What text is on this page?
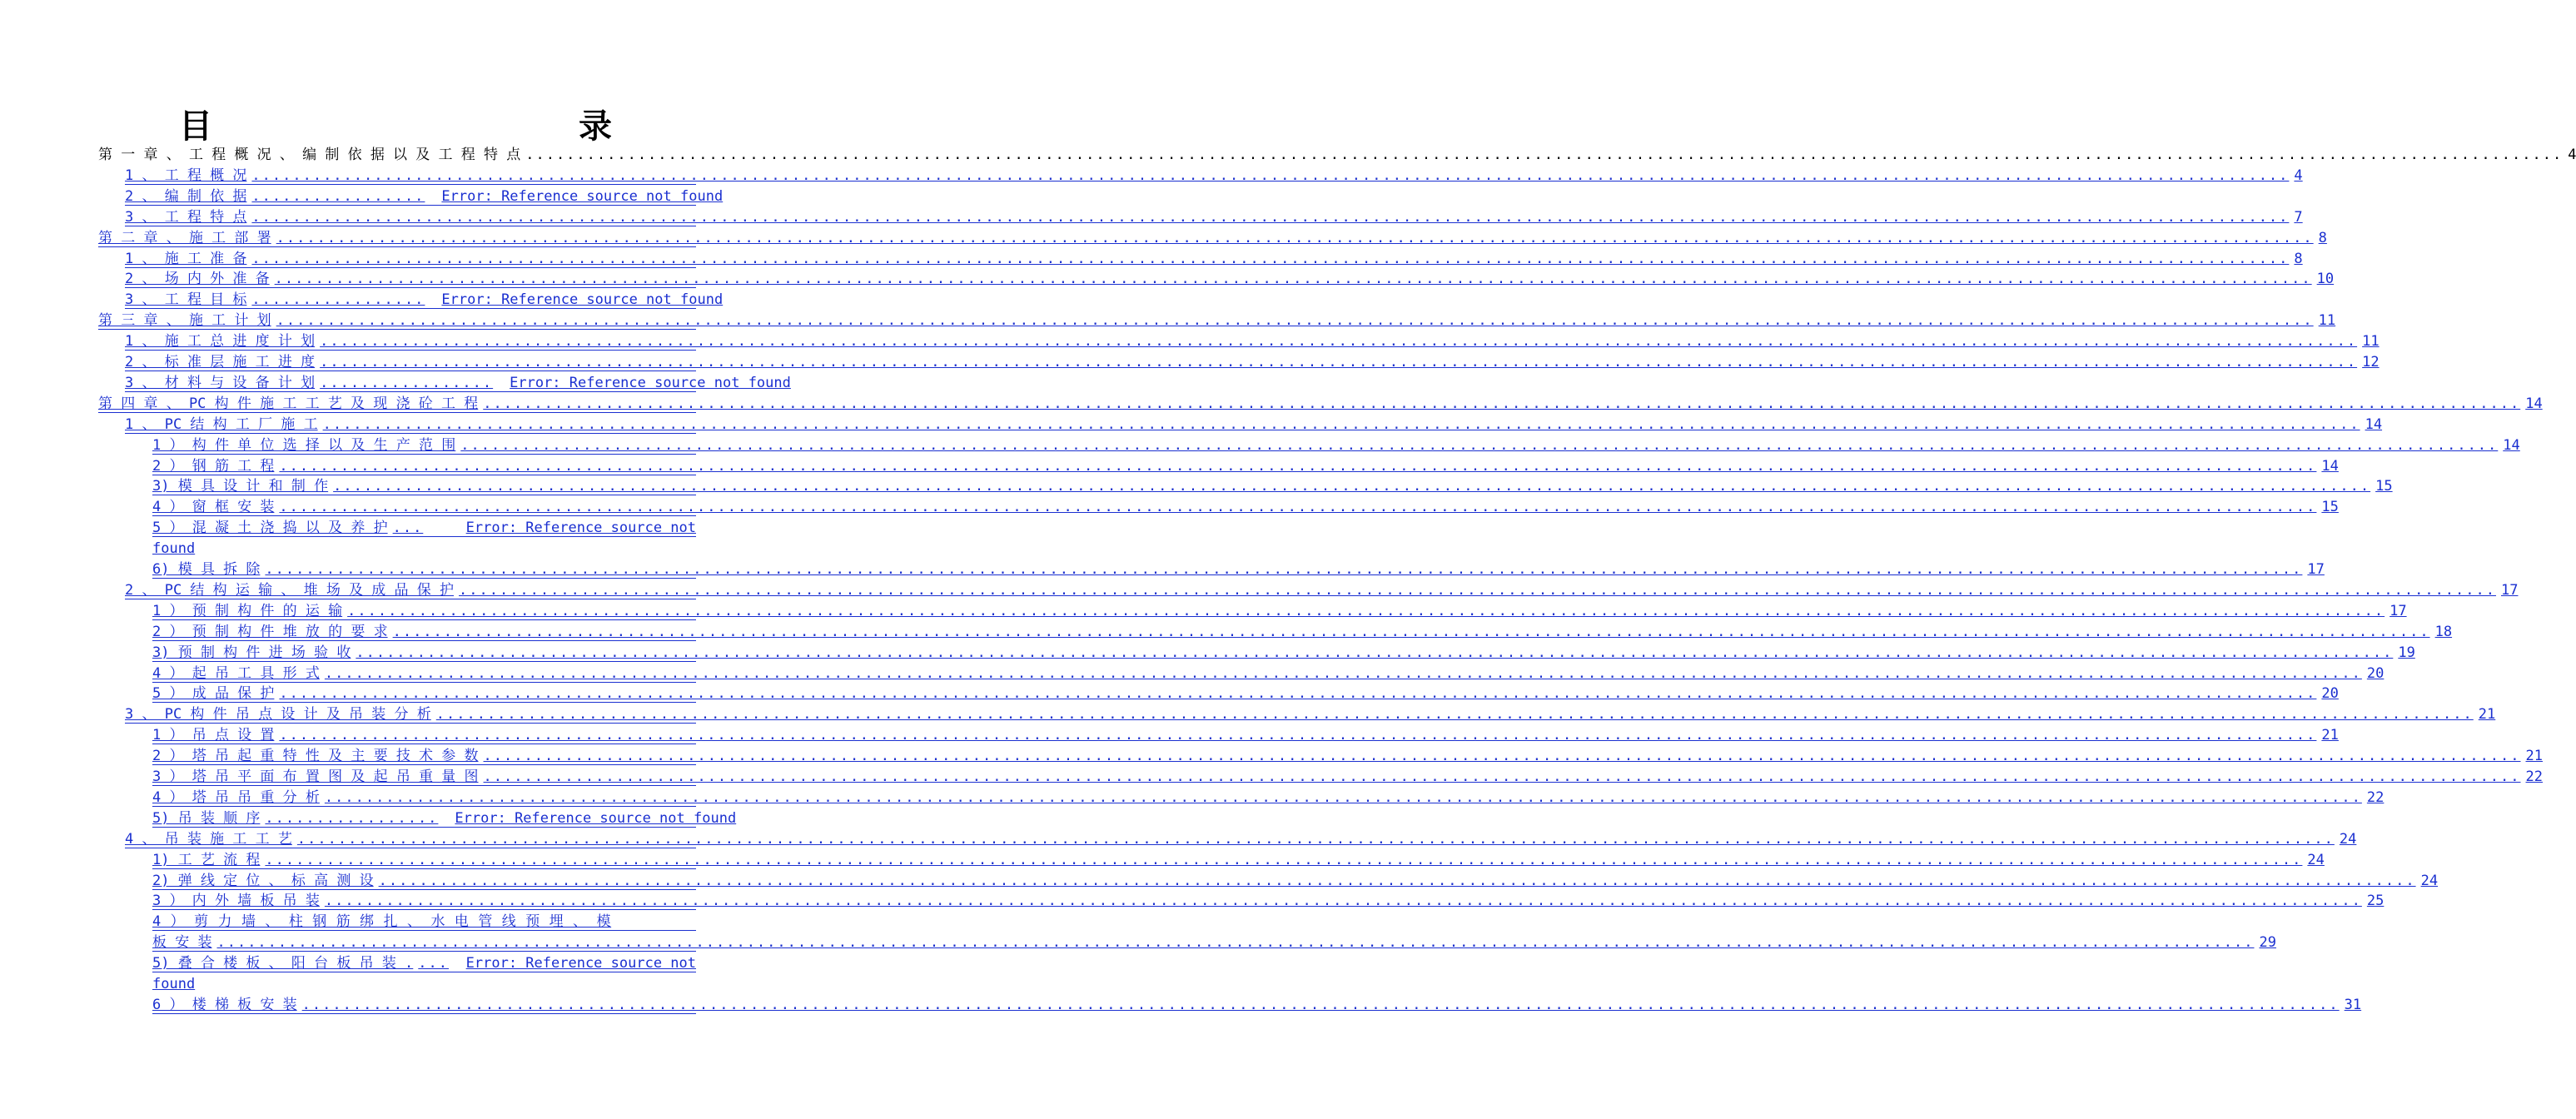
目　　录
第 一 章 、 工 程 概 况 、 编 制 依 据 以 及 工 程 特 点 ........................................................................................................................................................................................................ 4
1 、 工 程 概 况 ........................................................................................................................................................................................................ 4
2 、 编 制 依 据 ................. Error: Reference source not found
3 、 工 程 特 点 ........................................................................................................................................................................................................ 7
第 二 章 、 施 工 部 署 ........................................................................................................................................................................................................ 8
1 、 施 工 准 备 ........................................................................................................................................................................................................ 8
2 、 场 内 外 准 备 ........................................................................................................................................................................................................ 10
3 、 工 程 目 标 ................. Error: Reference source not found
第 三 章 、 施 工 计 划 ........................................................................................................................................................................................................ 11
1 、 施 工 总 进 度 计 划 ........................................................................................................................................................................................................ 11
2 、 标 准 层 施 工 进 度 ........................................................................................................................................................................................................ 12
3 、 材 料 与 设 备 计 划 ................. Error: Reference source not found
第 四 章 、 PC 构 件 施 工 工 艺 及 现 浇 砼 工 程 ........................................................................................................................................................................................................ 14
1 、 PC 结 构 工 厂 施 工 ........................................................................................................................................................................................................ 14
1 ） 构 件 单 位 选 择 以 及 生 产 范 围 ........................................................................................................................................................................................................ 14
2 ） 钢 筋 工 程 ........................................................................................................................................................................................................ 14
3) 模 具 设 计 和 制 作 ........................................................................................................................................................................................................ 15
4 ） 窗 框 安 装 ........................................................................................................................................................................................................ 15
5 ） 混 凝 土 浇 捣 以 及 养 护 ...	Error: Reference source not
found
6) 模 具 拆 除 ........................................................................................................................................................................................................ 17
2 、 PC 结 构 运 输 、 堆 场 及 成 品 保 护 ........................................................................................................................................................................................................ 17
1 ） 预 制 构 件 的 运 输 ........................................................................................................................................................................................................ 17
2 ） 预 制 构 件 堆 放 的 要 求 ........................................................................................................................................................................................................ 18
3) 预 制 构 件 进 场 验 收 ........................................................................................................................................................................................................ 19
4 ） 起 吊 工 具 形 式 ........................................................................................................................................................................................................ 20
5 ） 成 品 保 护 ........................................................................................................................................................................................................ 20
3 、 PC 构 件 吊 点 设 计 及 吊 装 分 析 ........................................................................................................................................................................................................ 21
1 ） 吊 点 设 置 ........................................................................................................................................................................................................ 21
2 ） 塔 吊 起 重 特 性 及 主 要 技 术 参 数 ........................................................................................................................................................................................................ 21
3 ） 塔 吊 平 面 布 置 图 及 起 吊 重 量 图 ........................................................................................................................................................................................................ 22
4 ） 塔 吊 吊 重 分 析 ........................................................................................................................................................................................................ 22
5) 吊 装 顺 序 ................. Error: Reference source not found
4 、 吊 装 施 工 工 艺 ........................................................................................................................................................................................................ 24
1) 工 艺 流 程 ........................................................................................................................................................................................................ 24
2) 弹 线 定 位 、 标 高 测 设 ........................................................................................................................................................................................................ 24
3 ） 内 外 墙 板 吊 装 ........................................................................................................................................................................................................ 25
4 ） 剪 力 墙 、 柱 钢 筋 绑 扎 、 水 电 管 线 预 埋 、 模
板 安 装 ........................................................................................................................................................................................................ 29
5) 叠 合 楼 板 、 阳 台 板 吊 装 . ... Error: Reference source not
found
6 ） 楼 梯 板 安 装 ........................................................................................................................................................................................................ 31
